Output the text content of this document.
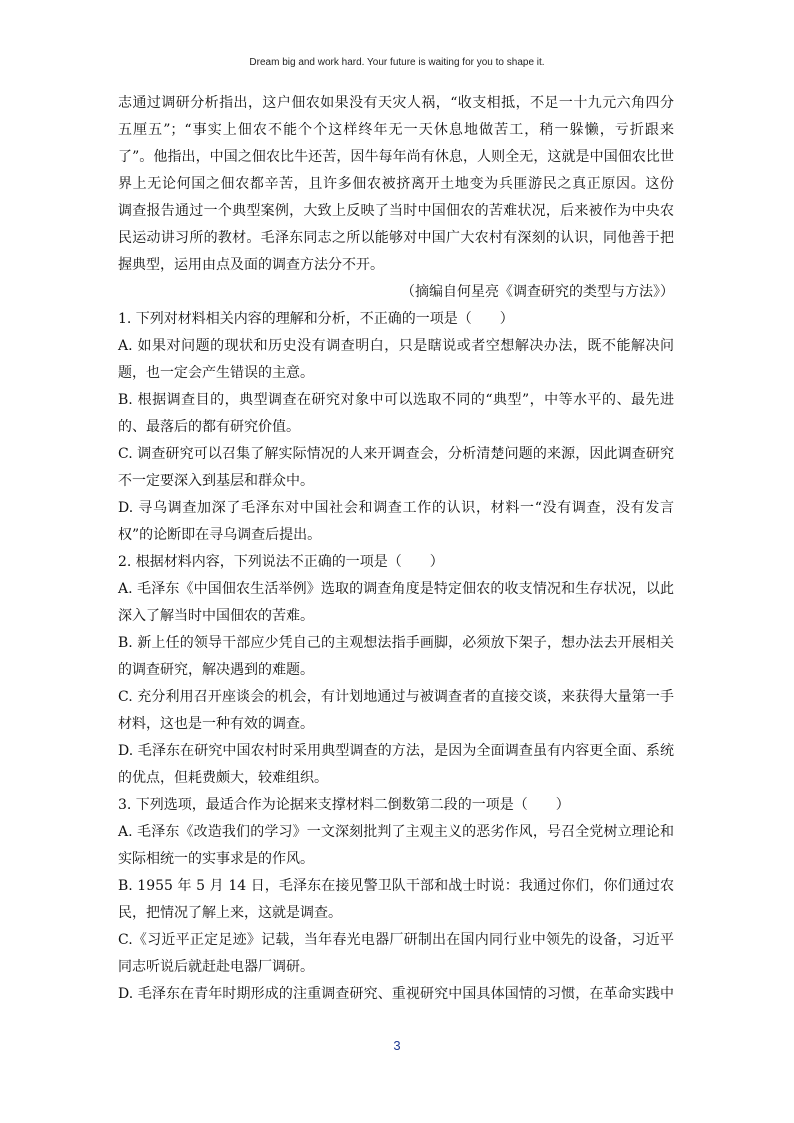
Dream big and work hard. Your future is waiting for you to shape it.
志通过调研分析指出，这户佃农如果没有天灾人祸，“收支相抵，不足一十九元六角四分
五厘五”；“事实上佃农不能个个这样终年无一天休息地做苦工，稍一躲懒，亏折跟来
了”。他指出，中国之佃农比牛还苦，因牛每年尚有休息，人则全无，这就是中国佃农比世
界上无论何国之佃农都辛苦，且许多佃农被挤离开土地变为兵匪游民之真正原因。这份
调查报告通过一个典型案例，大致上反映了当时中国佃农的苦难状况，后来被作为中央农
民运动讲习所的教材。毛泽东同志之所以能够对中国广大农村有深刻的认识，同他善于把
握典型，运用由点及面的调查方法分不开。
（摘编自何星亮《调查研究的类型与方法》）
1. 下列对材料相关内容的理解和分析，不正确的一项是（　　）
A. 如果对问题的现状和历史没有调查明白，只是瞎说或者空想解决办法，既不能解决问
题，也一定会产生错误的主意。
B. 根据调查目的，典型调查在研究对象中可以选取不同的“典型”，中等水平的、最先进
的、最落后的都有研究价值。
C. 调查研究可以召集了解实际情况的人来开调查会，分析清楚问题的来源，因此调查研究
不一定要深入到基层和群众中。
D. 寻乌调查加深了毛泽东对中国社会和调查工作的认识，材料一“没有调查，没有发言
权”的论断即在寻乌调查后提出。
2. 根据材料内容，下列说法不正确的一项是（　　）
A. 毛泽东《中国佃农生活举例》选取的调查角度是特定佃农的收支情况和生存状况，以此
深入了解当时中国佃农的苦难。
B. 新上任的领导干部应少凭自己的主观想法指手画脚，必须放下架子，想办法去开展相关
的调查研究，解决遇到的难题。
C. 充分利用召开座谈会的机会，有计划地通过与被调查者的直接交谈，来获得大量第一手
材料，这也是一种有效的调查。
D. 毛泽东在研究中国农村时采用典型调查的方法，是因为全面调查虽有内容更全面、系统
的优点，但耗费颇大，较难组织。
3. 下列选项，最适合作为论据来支撑材料二倒数第二段的一项是（　　）
A. 毛泽东《改造我们的学习》一文深刻批判了主观主义的恶劣作风，号召全党树立理论和
实际相统一的实事求是的作风。
B. 1955 年 5 月 14 日，毛泽东在接见警卫队干部和战士时说：我通过你们，你们通过农
民，把情况了解上来，这就是调查。
C.《习近平正定足迹》记载，当年春光电器厂研制出在国内同行业中领先的设备，习近平
同志听说后就赶赴电器厂调研。
D. 毛泽东在青年时期形成的注重调查研究、重视研究中国具体国情的习惯，在革命实践中
3
